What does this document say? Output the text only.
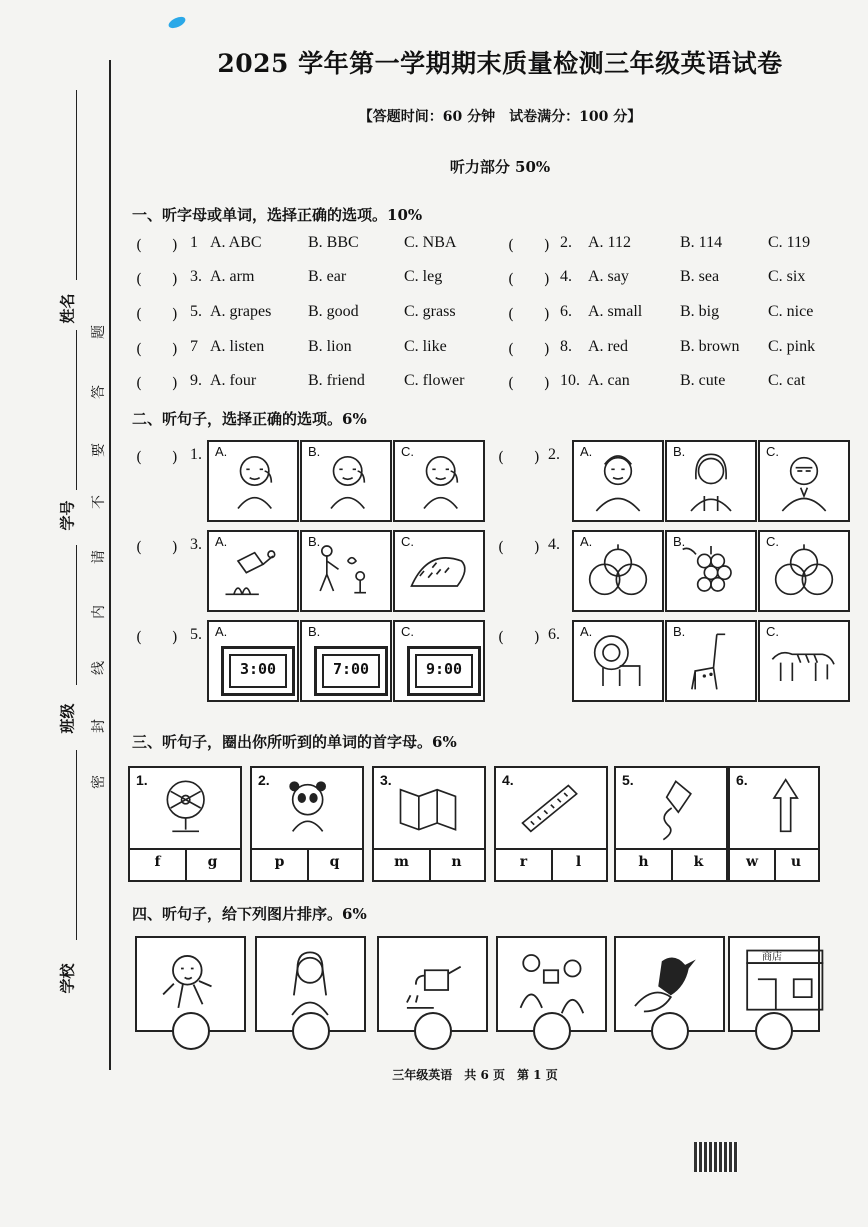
姓名
学号
班级
学校
题
答
要
不
请
内
线
封
密
2025 学年第一学期期末质量检测三年级英语试卷
【答题时间：60 分钟　试卷满分：100 分】
听力部分 50%
一、听字母或单词，选择正确的选项。10%
二、听句子，选择正确的选项。6%
三、听句子，圈出你所听到的单词的首字母。6%
四、听句子，给下列图片排序。6%
(　　) 1 A. ABC	B. BBC	C. NBA	(　　) 2. A. 112	B. 114	C. 119
(　　) 3. A. arm	B. ear	C. leg	(　　) 4. A. say	B. sea	C. six
(　　) 5. A. grapes B. good	C. grass	(　　) 6. A. small B. big	C. nice
(　　) 7 A. listen	B. lion	C. like	(　　) 8. A. red	B. brown C. pink
(　　) 9. A. four	B. friend C. flower	(　　) 10. A. can	B. cute	C. cat
(　　) 1. A.	B.	C.	(　　) 2. A.	B.	C.
(　　) 3. A.	B.	C.	(　　) 4. A.	B.	C.
(　　) 5. A.
3:00
B.
7:00
C.
9:00
(　　) 6. A.	B.	C.
1.
f	g
2.
p	q
3.
m	n
4.
r	l
5.
h	k
6.
w	u
商店
三年级英语　共 6 页　第 1 页
